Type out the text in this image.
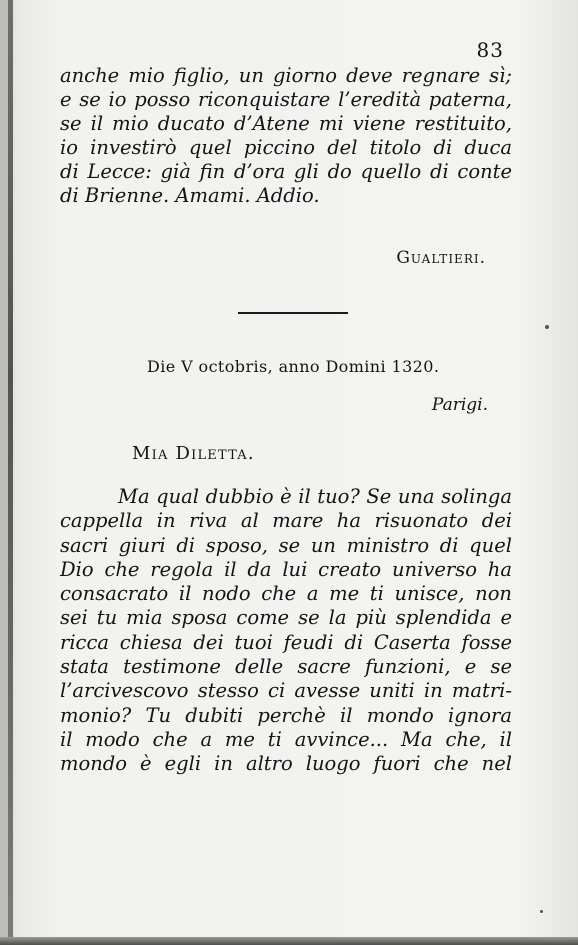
83
anche mio figlio, un giorno deve regnare sì;
e se io posso riconquistare l’eredità paterna,
se il mio ducato d’Atene mi viene restituito,
io investirò quel piccino del titolo di duca
di Lecce: già fin d’ora gli do quello di conte
di Brienne. Amami. Addio.
Gualtieri.
Die V octobris, anno Domini 1320.
Parigi.
Mia Diletta.
Ma qual dubbio è il tuo? Se una solinga
cappella in riva al mare ha risuonato dei
sacri giuri di sposo, se un ministro di quel
Dio che regola il da lui creato universo ha
consacrato il nodo che a me ti unisce, non
sei tu mia sposa come se la più splendida e
ricca chiesa dei tuoi feudi di Caserta fosse
stata testimone delle sacre funzioni, e se
l’arcivescovo stesso ci avesse uniti in matri-
monio? Tu dubiti perchè il mondo ignora
il modo che a me ti avvince... Ma che, il
mondo è egli in altro luogo fuori che nel
